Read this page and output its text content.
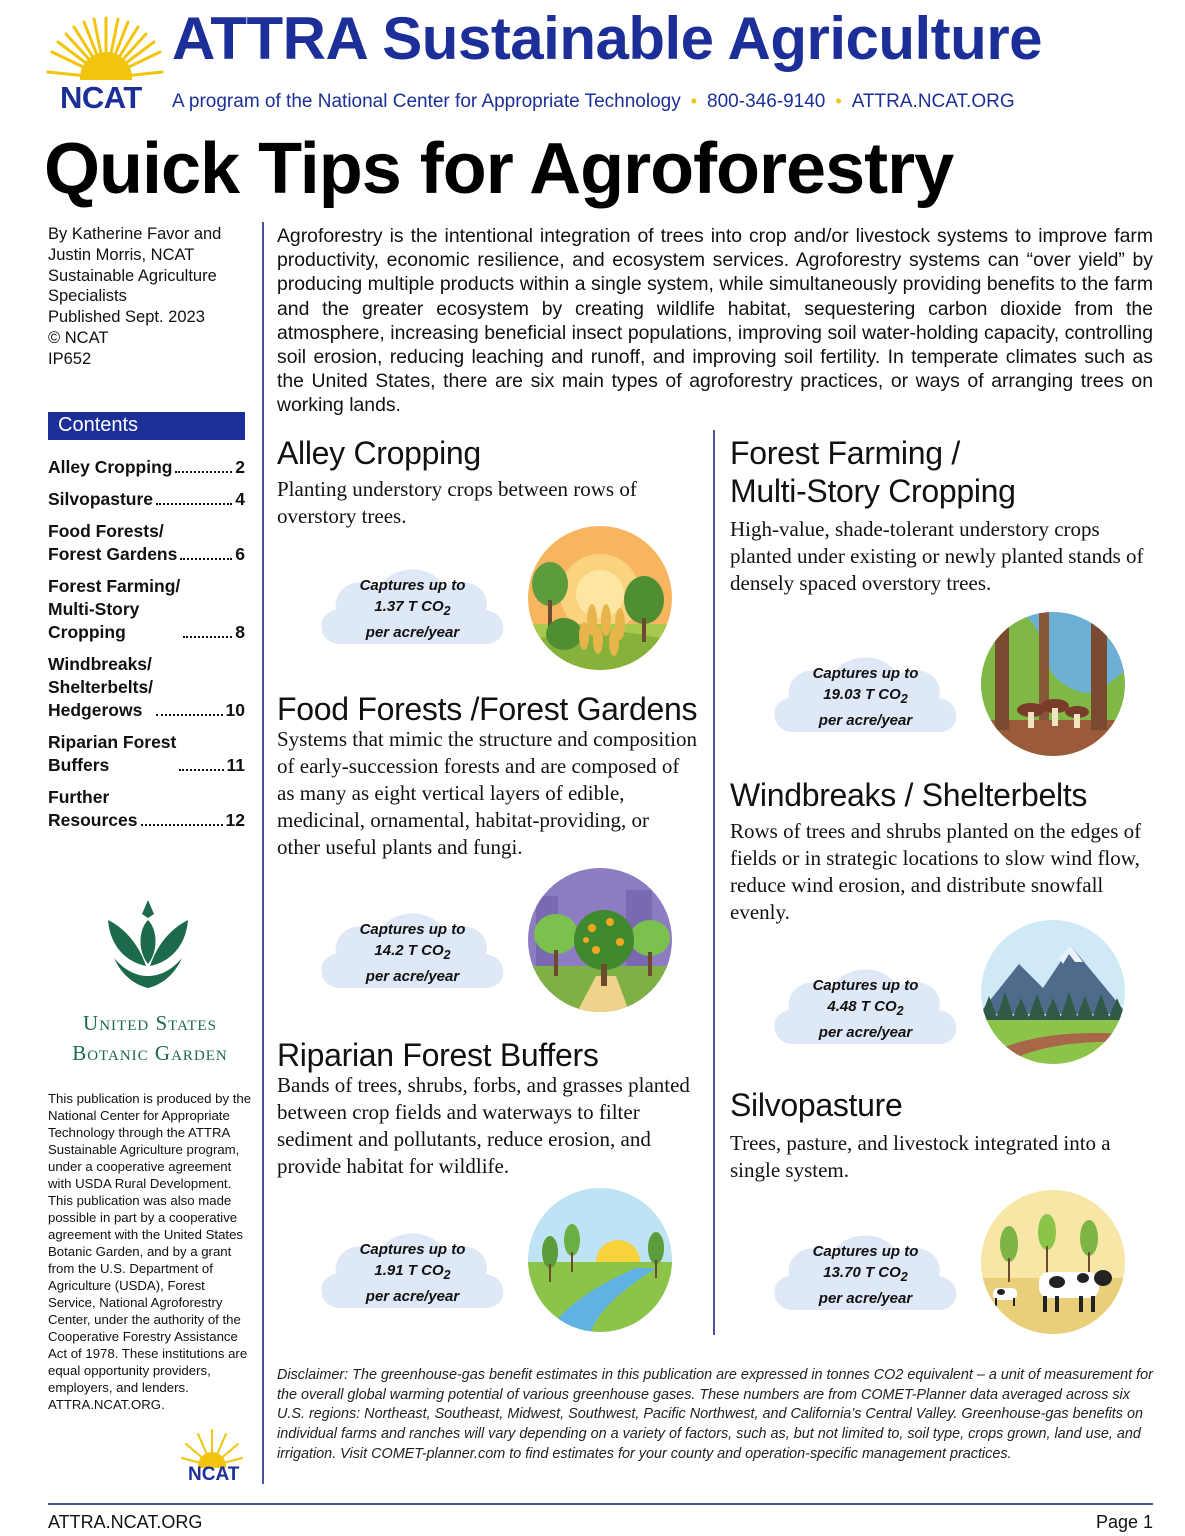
NCAT
ATTRA Sustainable Agriculture
A program of the National Center for Appropriate Technology • 800-346-9140 • ATTRA.NCAT.ORG
Quick Tips for Agroforestry
By Katherine Favor and Justin Morris, NCAT Sustainable Agriculture Specialists
Published Sept. 2023
© NCAT
IP652
Contents
Alley Cropping	2
Silvopasture	4
Food Forests/
Forest Gardens	6
Forest Farming/
Multi-Story
Cropping	8
Windbreaks/
Shelterbelts/
Hedgerows	10
Riparian Forest
Buffers	11
Further
Resources	12
United States
Botanic Garden
This publication is produced by the National Center for Appropriate Technology through the ATTRA Sustainable Agriculture program, under a cooperative agreement with USDA Rural Development. This publication was also made possible in part by a cooperative agreement with the United States Botanic Garden, and by a grant from the U.S. Department of Agriculture (USDA), Forest Service, National Agroforestry Center, under the authority of the Cooperative Forestry Assistance Act of 1978. These institutions are equal opportunity providers, employers, and lenders. ATTRA.NCAT.ORG.
NCAT
Agroforestry is the intentional integration of trees into crop and/or livestock systems to improve farm productivity, economic resilience, and ecosystem services. Agroforestry systems can “over yield” by producing multiple products within a single system, while simultaneously providing benefits to the farm and the greater ecosystem by creating wildlife habitat, sequestering carbon dioxide from the atmosphere, increasing beneficial insect populations, improving soil water-holding capacity, controlling soil erosion, reducing leaching and runoff, and improving soil fertility. In temperate climates such as the United States, there are six main types of agroforestry practices, or ways of arranging trees on working lands.
Alley Cropping
Planting understory crops between rows of overstory trees.
Captures up to
1.37 T $CO_2$
per acre/year
Food Forests /Forest Gardens
Systems that mimic the structure and composition of early-succession forests and are composed of as many as eight vertical layers of edible, medicinal, ornamental, habitat-providing, or other useful plants and fungi.
Captures up to
14.2 T $CO_2$
per acre/year
Riparian Forest Buffers
Bands of trees, shrubs, forbs, and grasses planted between crop fields and waterways to filter sediment and pollutants, reduce erosion, and provide habitat for wildlife.
Captures up to
1.91 T $CO_2$
per acre/year
Forest Farming /
Multi-Story Cropping
High-value, shade-tolerant understory crops planted under existing or newly planted stands of densely spaced overstory trees.
Captures up to
19.03 T $CO_2$
per acre/year
Windbreaks / Shelterbelts
Rows of trees and shrubs planted on the edges of fields or in strategic locations to slow wind flow, reduce wind erosion, and distribute snowfall evenly.
Captures up to
4.48 T $CO_2$
per acre/year
Silvopasture
Trees, pasture, and livestock integrated into a single system.
Captures up to
13.70 T $CO_2$
per acre/year
Disclaimer: The greenhouse-gas benefit estimates in this publication are expressed in tonnes CO2 equivalent – a unit of measurement for the overall global warming potential of various greenhouse gases. These numbers are from COMET-Planner data averaged across six U.S. regions: Northeast, Southeast, Midwest, Southwest, Pacific Northwest, and California’s Central Valley. Greenhouse-gas benefits on individual farms and ranches will vary depending on a variety of factors, such as, but not limited to, soil type, crops grown, land use, and irrigation. Visit COMET-planner.com to find estimates for your county and operation-specific management practices.
ATTRA.NCAT.ORG	Page 1
